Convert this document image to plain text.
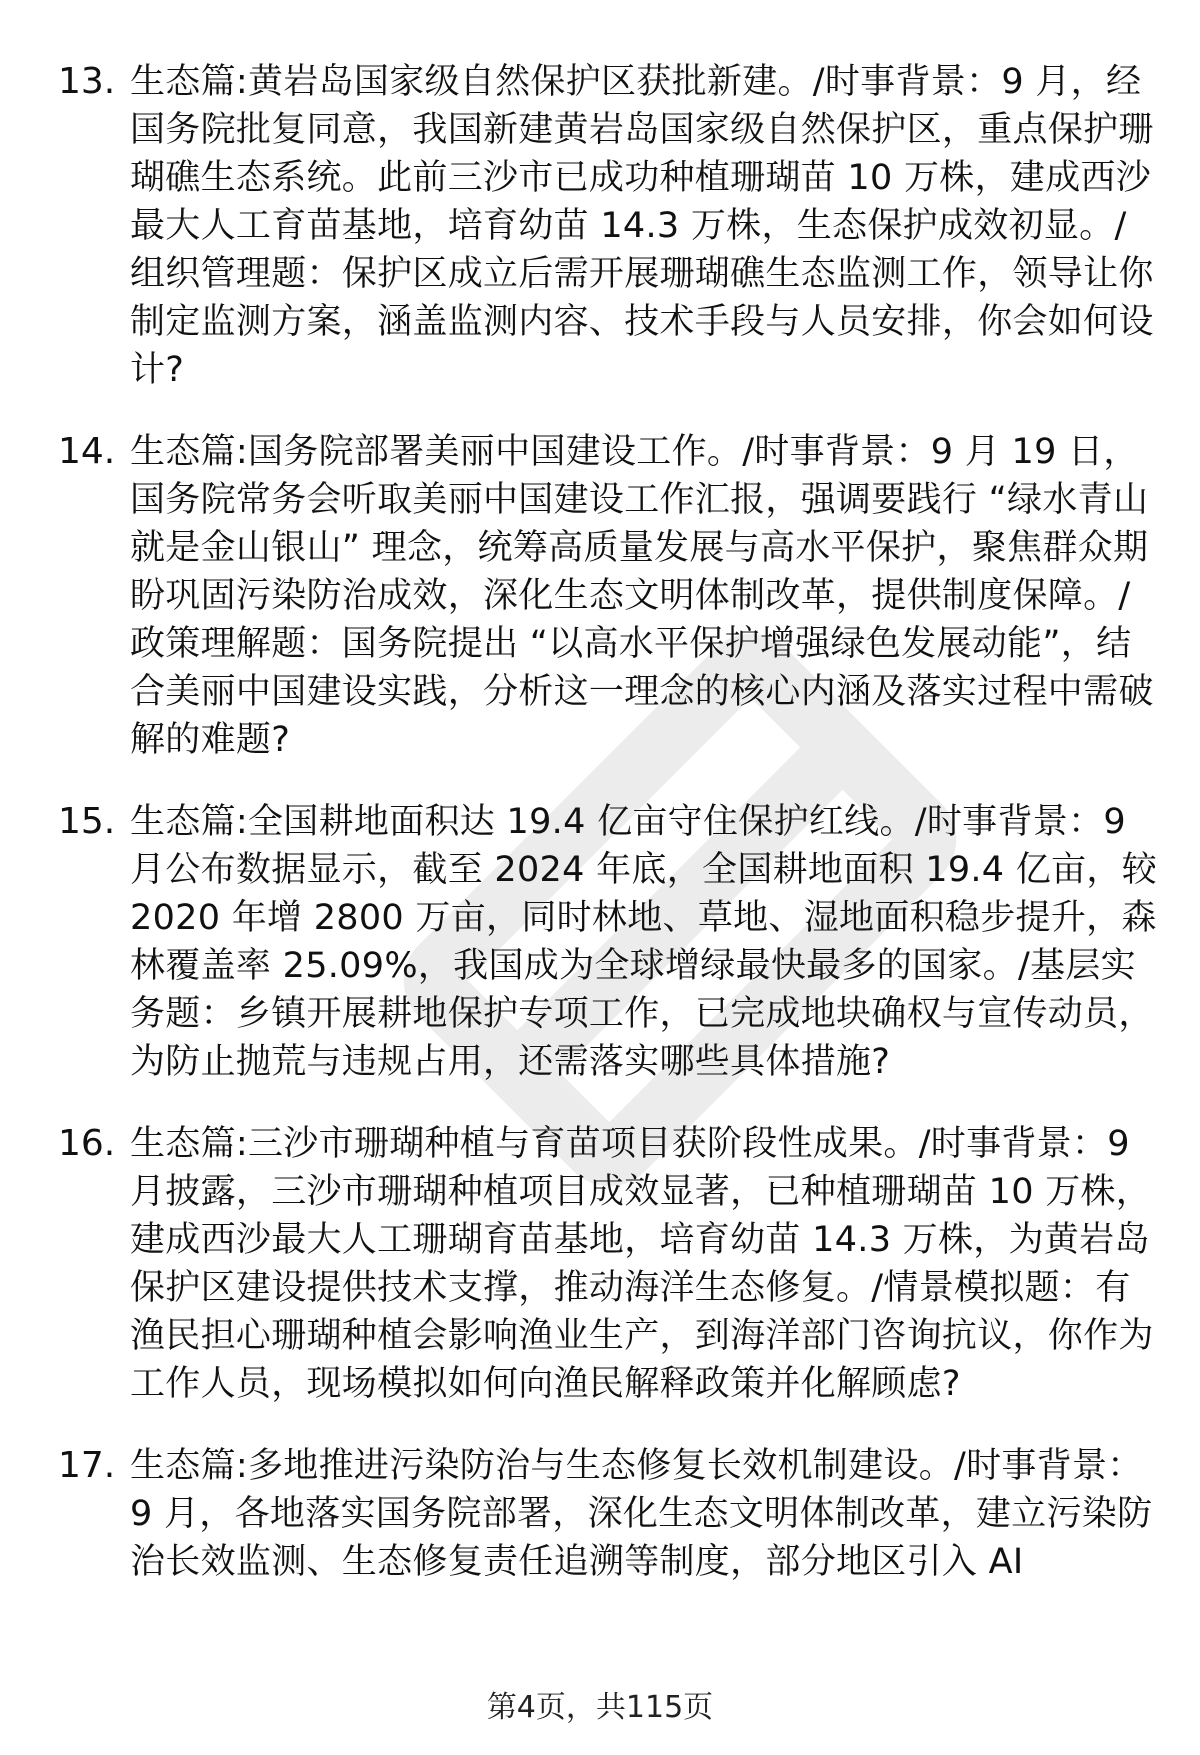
13. 生态篇:黄岩岛国家级自然保护区获批新建。/时事背景：9 月，经国务院批复同意，我国新建黄岩岛国家级自然保护区，重点保护珊瑚礁生态系统。此前三沙市已成功种植珊瑚苗 10 万株，建成西沙最大人工育苗基地，培育幼苗 14.3 万株，生态保护成效初显。/组织管理题：保护区成立后需开展珊瑚礁生态监测工作，领导让你制定监测方案，涵盖监测内容、技术手段与人员安排，你会如何设计?
14. 生态篇:国务院部署美丽中国建设工作。/时事背景：9 月 19 日，国务院常务会听取美丽中国建设工作汇报，强调要践行 “绿水青山就是金山银山” 理念，统筹高质量发展与高水平保护，聚焦群众期盼巩固污染防治成效，深化生态文明体制改革，提供制度保障。/政策理解题：国务院提出 “以高水平保护增强绿色发展动能”，结合美丽中国建设实践，分析这一理念的核心内涵及落实过程中需破解的难题?
15. 生态篇:全国耕地面积达 19.4 亿亩守住保护红线。/时事背景：9 月公布数据显示，截至 2024 年底，全国耕地面积 19.4 亿亩，较 2020 年增 2800 万亩，同时林地、草地、湿地面积稳步提升，森林覆盖率 25.09%，我国成为全球增绿最快最多的国家。/基层实务题：乡镇开展耕地保护专项工作，已完成地块确权与宣传动员，为防止抛荒与违规占用，还需落实哪些具体措施?
16. 生态篇:三沙市珊瑚种植与育苗项目获阶段性成果。/时事背景：9 月披露，三沙市珊瑚种植项目成效显著，已种植珊瑚苗 10 万株，建成西沙最大人工珊瑚育苗基地，培育幼苗 14.3 万株，为黄岩岛保护区建设提供技术支撑，推动海洋生态修复。/情景模拟题：有渔民担心珊瑚种植会影响渔业生产，到海洋部门咨询抗议，你作为工作人员，现场模拟如何向渔民解释政策并化解顾虑?
17. 生态篇:多地推进污染防治与生态修复长效机制建设。/时事背景：9 月，各地落实国务院部署，深化生态文明体制改革，建立污染防治长效监测、生态修复责任追溯等制度，部分地区引入 AI
第4页，共115页
